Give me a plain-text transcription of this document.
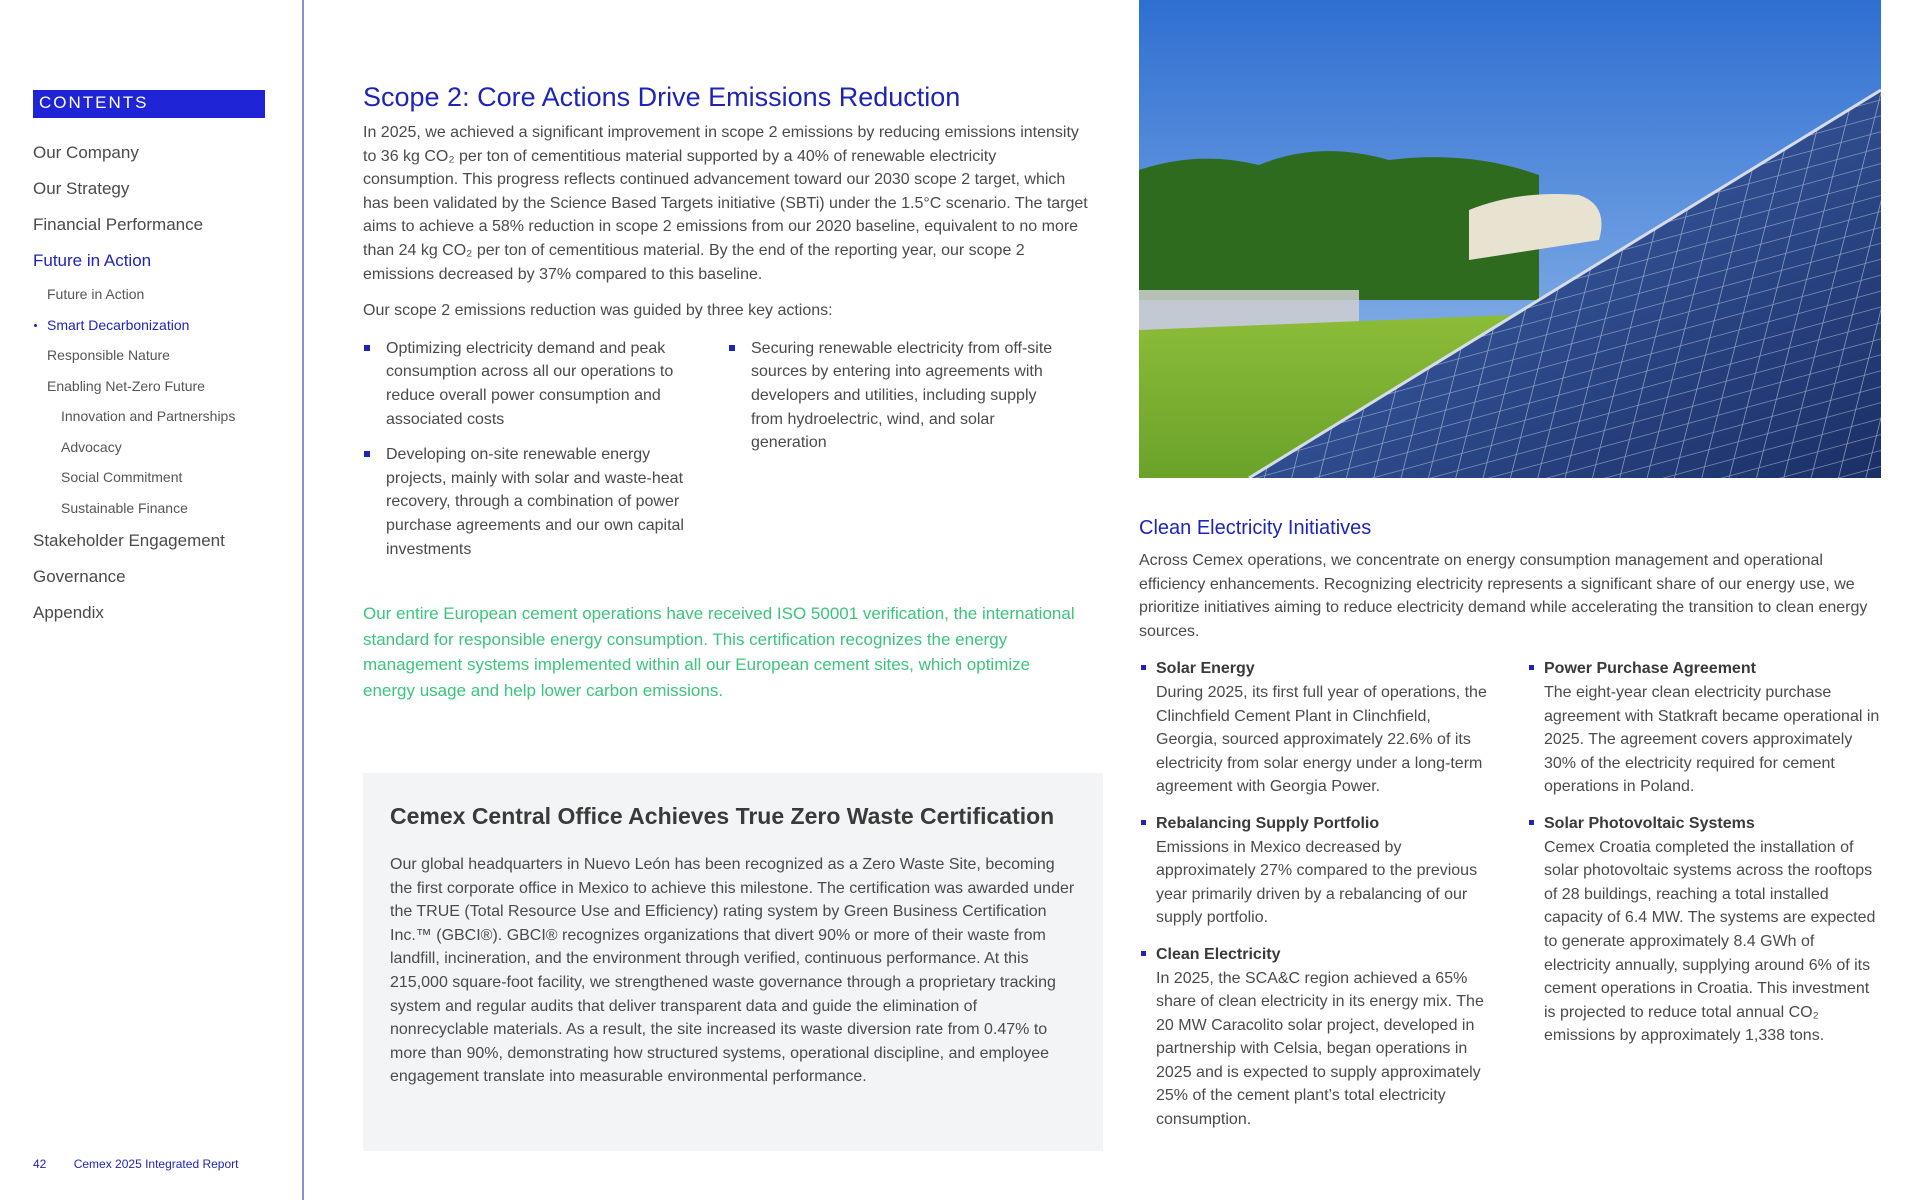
CONTENTS
Our Company
Our Strategy
Financial Performance
Future in Action
Future in Action
Smart Decarbonization
Responsible Nature
Enabling Net-Zero Future
Innovation and Partnerships
Advocacy
Social Commitment
Sustainable Finance
Stakeholder Engagement
Governance
Appendix
42 Cemex 2025 Integrated Report
Scope 2: Core Actions Drive Emissions Reduction

In 2025, we achieved a significant improvement in scope 2 emissions by reducing emissions intensity to 36 kg CO₂ per ton of cementitious material supported by a 40% of renewable electricity consumption. This progress reflects continued advancement toward our 2030 scope 2 target, which has been validated by the Science Based Targets initiative (SBTi) under the 1.5°C scenario. The target aims to achieve a 58% reduction in scope 2 emissions from our 2020 baseline, equivalent to no more than 24 kg CO₂ per ton of cementitious material. By the end of the reporting year, our scope 2 emissions decreased by 37% compared to this baseline.

Our scope 2 emissions reduction was guided by three key actions:

Optimizing electricity demand and peak consumption across all our operations to reduce overall power consumption and associated costs
Developing on-site renewable energy projects, mainly with solar and waste-heat recovery, through a combination of power purchase agreements and our own capital investments
Securing renewable electricity from off-site sources by entering into agreements with developers and utilities, including supply from hydroelectric, wind, and solar generation

Our entire European cement operations have received ISO 50001 verification, the international standard for responsible energy consumption. This certification recognizes the energy management systems implemented within all our European cement sites, which optimize energy usage and help lower carbon emissions.

Cemex Central Office Achieves True Zero Waste Certification

Our global headquarters in Nuevo León has been recognized as a Zero Waste Site, becoming the first corporate office in Mexico to achieve this milestone. The certification was awarded under the TRUE (Total Resource Use and Efficiency) rating system by Green Business Certification Inc.™ (GBCI®). GBCI® recognizes organizations that divert 90% or more of their waste from landfill, incineration, and the environment through verified, continuous performance. At this 215,000 square-foot facility, we strengthened waste governance through a proprietary tracking system and regular audits that deliver transparent data and guide the elimination of nonrecyclable materials. As a result, the site increased its waste diversion rate from 0.47% to more than 90%, demonstrating how structured systems, operational discipline, and employee engagement translate into measurable environmental performance.

Clean Electricity Initiatives

Across Cemex operations, we concentrate on energy consumption management and operational efficiency enhancements. Recognizing electricity represents a significant share of our energy use, we prioritize initiatives aiming to reduce electricity demand while accelerating the transition to clean energy sources.

Solar Energy
During 2025, its first full year of operations, the Clinchfield Cement Plant in Clinchfield, Georgia, sourced approximately 22.6% of its electricity from solar energy under a long-term agreement with Georgia Power.
Rebalancing Supply Portfolio
Emissions in Mexico decreased by approximately 27% compared to the previous year primarily driven by a rebalancing of our supply portfolio.
Clean Electricity
In 2025, the SCA&C region achieved a 65% share of clean electricity in its energy mix. The 20 MW Caracolito solar project, developed in partnership with Celsia, began operations in 2025 and is expected to supply approximately 25% of the cement plant’s total electricity consumption.
Power Purchase Agreement
The eight-year clean electricity purchase agreement with Statkraft became operational in 2025. The agreement covers approximately 30% of the electricity required for cement operations in Poland.
Solar Photovoltaic Systems
Cemex Croatia completed the installation of solar photovoltaic systems across the rooftops of 28 buildings, reaching a total installed capacity of 6.4 MW. The systems are expected to generate approximately 8.4 GWh of electricity annually, supplying around 6% of its cement operations in Croatia. This investment is projected to reduce total annual CO₂ emissions by approximately 1,338 tons.
